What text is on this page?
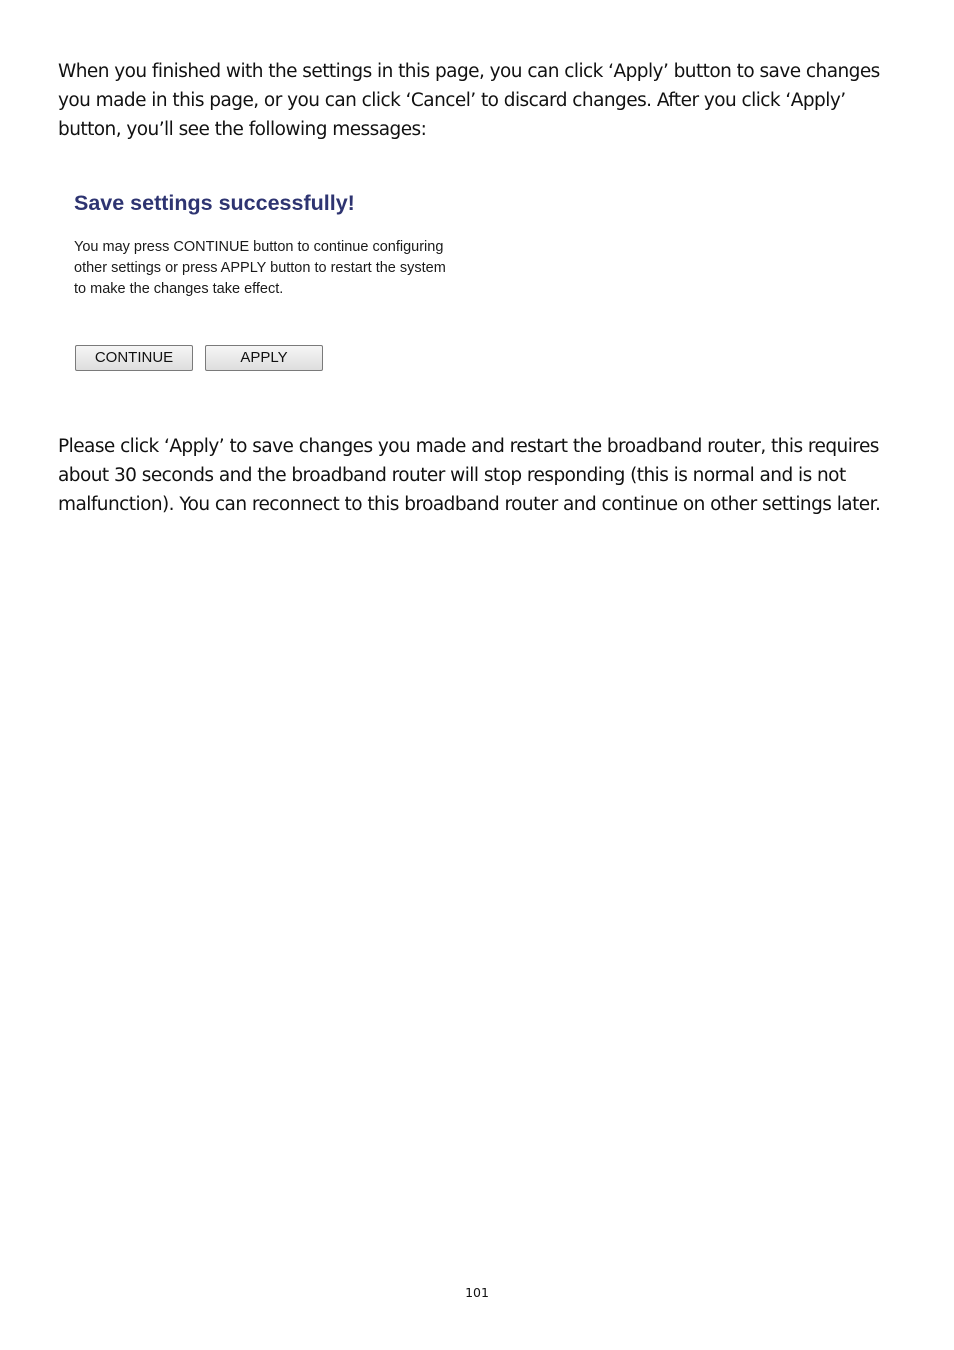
When you finished with the settings in this page, you can click ‘Apply’ button to save changes you made in this page, or you can click ‘Cancel’ to discard changes. After you click ‘Apply’ button, you’ll see the following messages:

Save settings successfully!

You may press CONTINUE button to continue configuring other settings or press APPLY button to restart the system to make the changes take effect.

CONTINUE	APPLY

Please click ‘Apply’ to save changes you made and restart the broadband router, this requires about 30 seconds and the broadband router will stop responding (this is normal and is not malfunction). You can reconnect to this broadband router and continue on other settings later.

101
